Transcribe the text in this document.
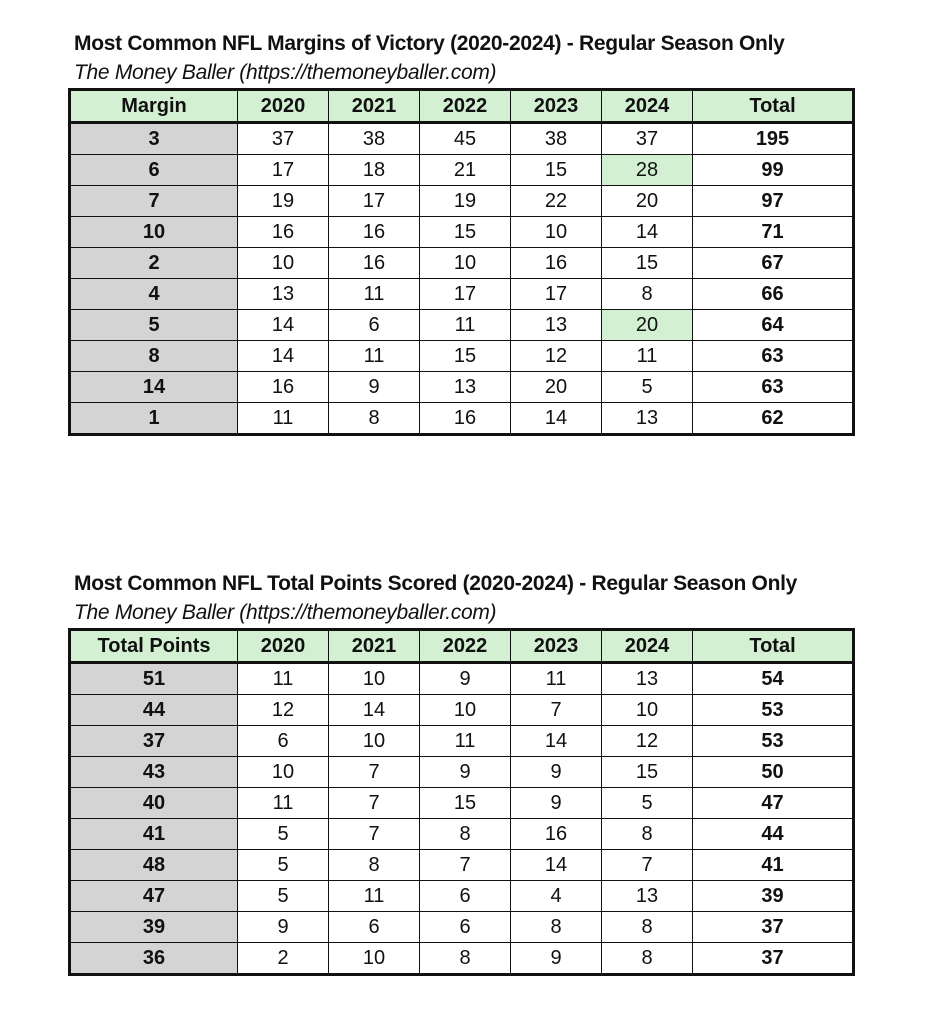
Most Common NFL Margins of Victory (2020-2024) - Regular Season Only
The Money Baller (https://themoneyballer.com)
Margin	2020	2021	2022	2023	2024	Total
3	37	38	45	38	37	195
6	17	18	21	15	28	99
7	19	17	19	22	20	97
10	16	16	15	10	14	71
2	10	16	10	16	15	67
4	13	11	17	17	8	66
5	14	6	11	13	20	64
8	14	11	15	12	11	63
14	16	9	13	20	5	63
1	11	8	16	14	13	62
Most Common NFL Total Points Scored (2020-2024) - Regular Season Only
The Money Baller (https://themoneyballer.com)
Total Points	2020	2021	2022	2023	2024	Total
51	11	10	9	11	13	54
44	12	14	10	7	10	53
37	6	10	11	14	12	53
43	10	7	9	9	15	50
40	11	7	15	9	5	47
41	5	7	8	16	8	44
48	5	8	7	14	7	41
47	5	11	6	4	13	39
39	9	6	6	8	8	37
36	2	10	8	9	8	37
